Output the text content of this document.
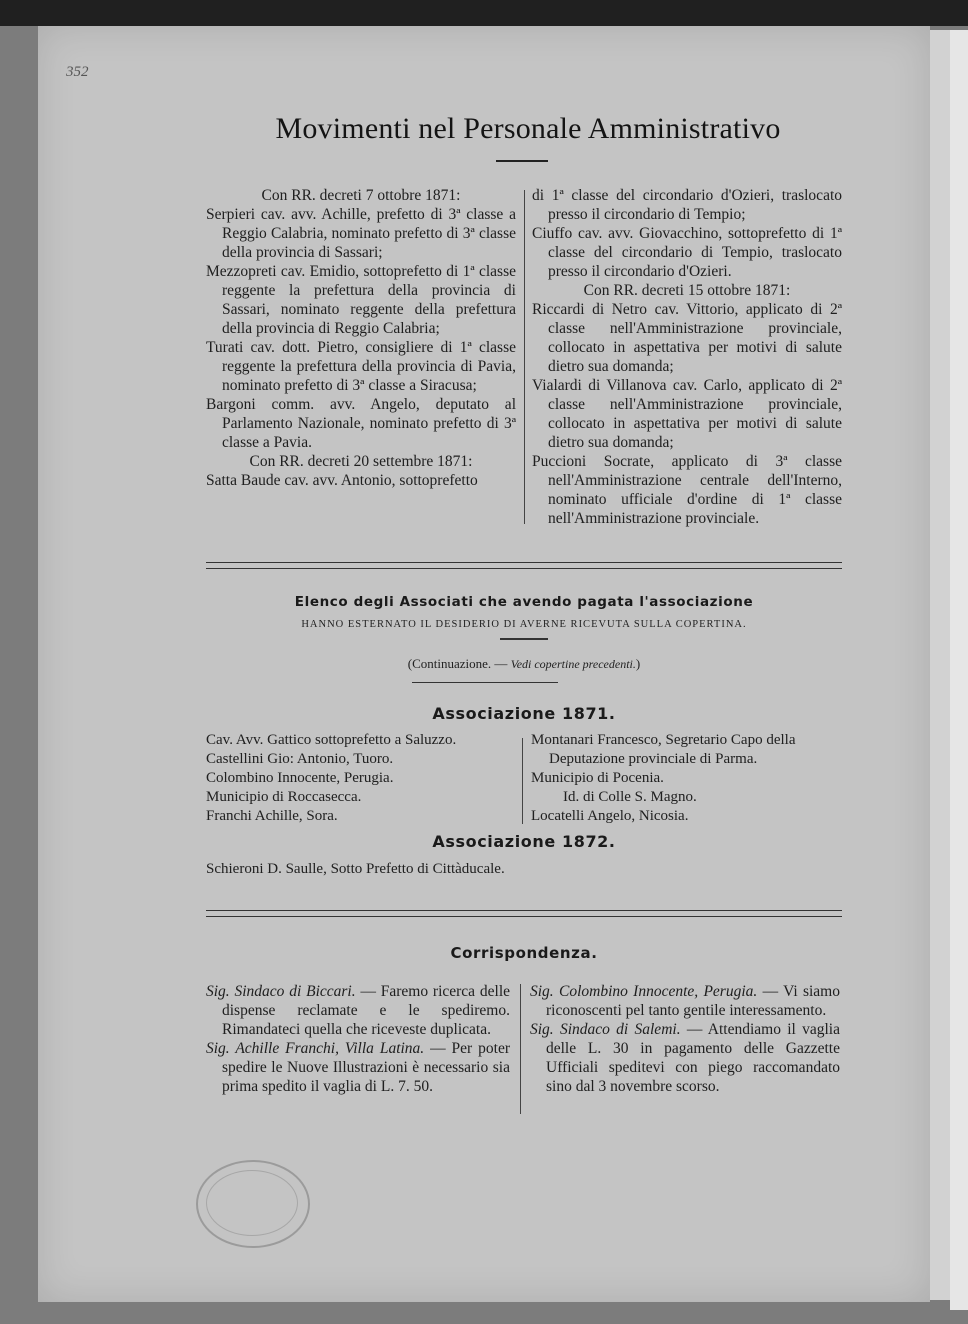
352
Movimenti nel Personale Amministrativo

Con RR. decreti 7 ottobre 1871:

Serpieri cav. avv. Achille, prefetto di 3ª classe a Reggio Calabria, nominato prefetto di 3ª classe della provincia di Sassari;

Mezzopreti cav. Emidio, sottoprefetto di 1ª classe reggente la prefettura della provincia di Sassari, nominato reggente della prefettura della provincia di Reggio Calabria;

Turati cav. dott. Pietro, consigliere di 1ª classe reggente la prefettura della provincia di Pavia, nominato prefetto di 3ª classe a Siracusa;

Bargoni comm. avv. Angelo, deputato al Parlamento Nazionale, nominato prefetto di 3ª classe a Pavia.

Con RR. decreti 20 settembre 1871:

Satta Baude cav. avv. Antonio, sottoprefetto

di 1ª classe del circondario d'Ozieri, traslocato presso il circondario di Tempio;

Ciuffo cav. avv. Giovacchino, sottoprefetto di 1ª classe del circondario di Tempio, traslocato presso il circondario d'Ozieri.

Con RR. decreti 15 ottobre 1871:

Riccardi di Netro cav. Vittorio, applicato di 2ª classe nell'Amministrazione provinciale, collocato in aspettativa per motivi di salute dietro sua domanda;

Vialardi di Villanova cav. Carlo, applicato di 2ª classe nell'Amministrazione provinciale, collocato in aspettativa per motivi di salute dietro sua domanda;

Puccioni Socrate, applicato di 3ª classe nell'Amministrazione centrale dell'Interno, nominato ufficiale d'ordine di 1ª classe nell'Amministrazione provinciale.

Elenco degli Associati che avendo pagata l'associazione
HANNO ESTERNATO IL DESIDERIO DI AVERNE RICEVUTA SULLA COPERTINA.
(Continuazione. — Vedi copertine precedenti.)
Associazione 1871.
Cav. Avv. Gattico sottoprefetto a Saluzzo.
Castellini Gio: Antonio, Tuoro.
Colombino Innocente, Perugia.
Municipio di Roccasecca.
Franchi Achille, Sora.
Montanari Francesco, Segretario Capo della
Deputazione provinciale di Parma.
Municipio di Pocenia.
Id. di Colle S. Magno.
Locatelli Angelo, Nicosia.
Associazione 1872.
Schieroni D. Saulle, Sotto Prefetto di Cittàducale.
Corrispondenza.

Sig. Sindaco di Biccari. — Faremo ricerca delle dispense reclamate e le spediremo. Rimandateci quella che riceveste duplicata.

Sig. Achille Franchi, Villa Latina. — Per poter spedire le Nuove Illustrazioni è necessario sia prima spedito il vaglia di L. 7. 50.

Sig. Colombino Innocente, Perugia. — Vi siamo riconoscenti pel tanto gentile interessamento.

Sig. Sindaco di Salemi. — Attendiamo il vaglia delle L. 30 in pagamento delle Gazzette Ufficiali speditevi con piego raccomandato sino dal 3 novembre scorso.
